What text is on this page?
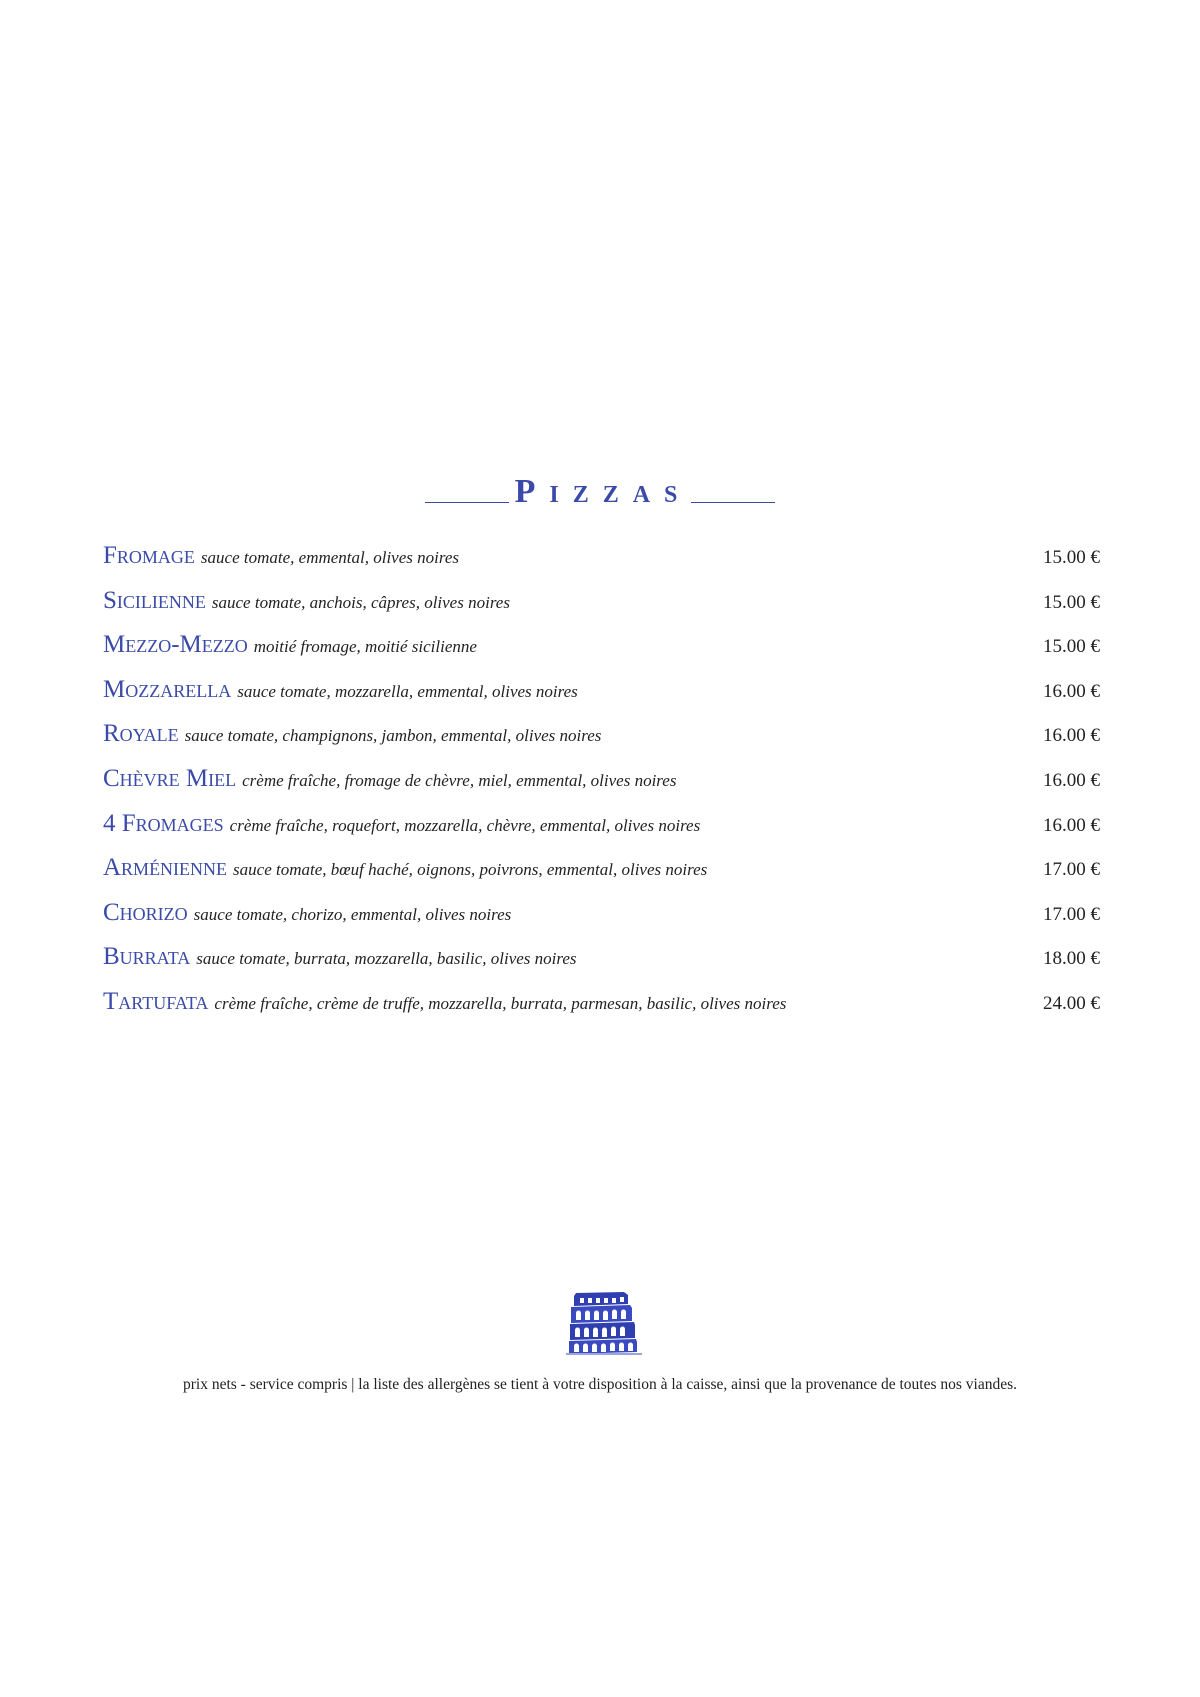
Pizzas
Fromage sauce tomate, emmental, olives noires	15.00 €
Sicilienne sauce tomate, anchois, câpres, olives noires	15.00 €
Mezzo-Mezzo moitié fromage, moitié sicilienne	15.00 €
Mozzarella sauce tomate, mozzarella, emmental, olives noires	16.00 €
Royale sauce tomate, champignons, jambon, emmental, olives noires	16.00 €
Chèvre Miel crème fraîche, fromage de chèvre, miel, emmental, olives noires	16.00 €
4 Fromages crème fraîche, roquefort, mozzarella, chèvre, emmental, olives noires	16.00 €
Arménienne sauce tomate, bœuf haché, oignons, poivrons, emmental, olives noires	17.00 €
Chorizo sauce tomate, chorizo, emmental, olives noires	17.00 €
Burrata sauce tomate, burrata, mozzarella, basilic, olives noires	18.00 €
Tartufata crème fraîche, crème de truffe, mozzarella, burrata, parmesan, basilic, olives noires	24.00 €
prix nets - service compris | la liste des allergènes se tient à votre disposition à la caisse, ainsi que la provenance de toutes nos viandes.
